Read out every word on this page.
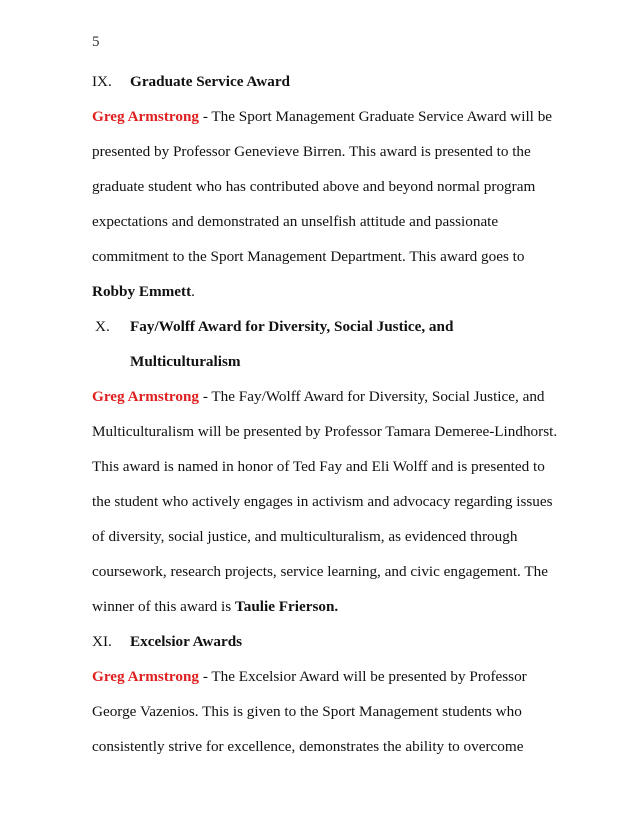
5
IX. Graduate Service Award
Greg Armstrong - The Sport Management Graduate Service Award will be
presented by Professor Genevieve Birren. This award is presented to the
graduate student who has contributed above and beyond normal program
expectations and demonstrated an unselfish attitude and passionate
commitment to the Sport Management Department. This award goes to
Robby Emmett.
X. Fay/Wolff Award for Diversity, Social Justice, and
Multiculturalism
Greg Armstrong - The Fay/Wolff Award for Diversity, Social Justice, and
Multiculturalism will be presented by Professor Tamara Demeree-Lindhorst.
This award is named in honor of Ted Fay and Eli Wolff and is presented to
the student who actively engages in activism and advocacy regarding issues
of diversity, social justice, and multiculturalism, as evidenced through
coursework, research projects, service learning, and civic engagement. The
winner of this award is Taulie Frierson.
XI. Excelsior Awards
Greg Armstrong - The Excelsior Award will be presented by Professor
George Vazenios. This is given to the Sport Management students who
consistently strive for excellence, demonstrates the ability to overcome
